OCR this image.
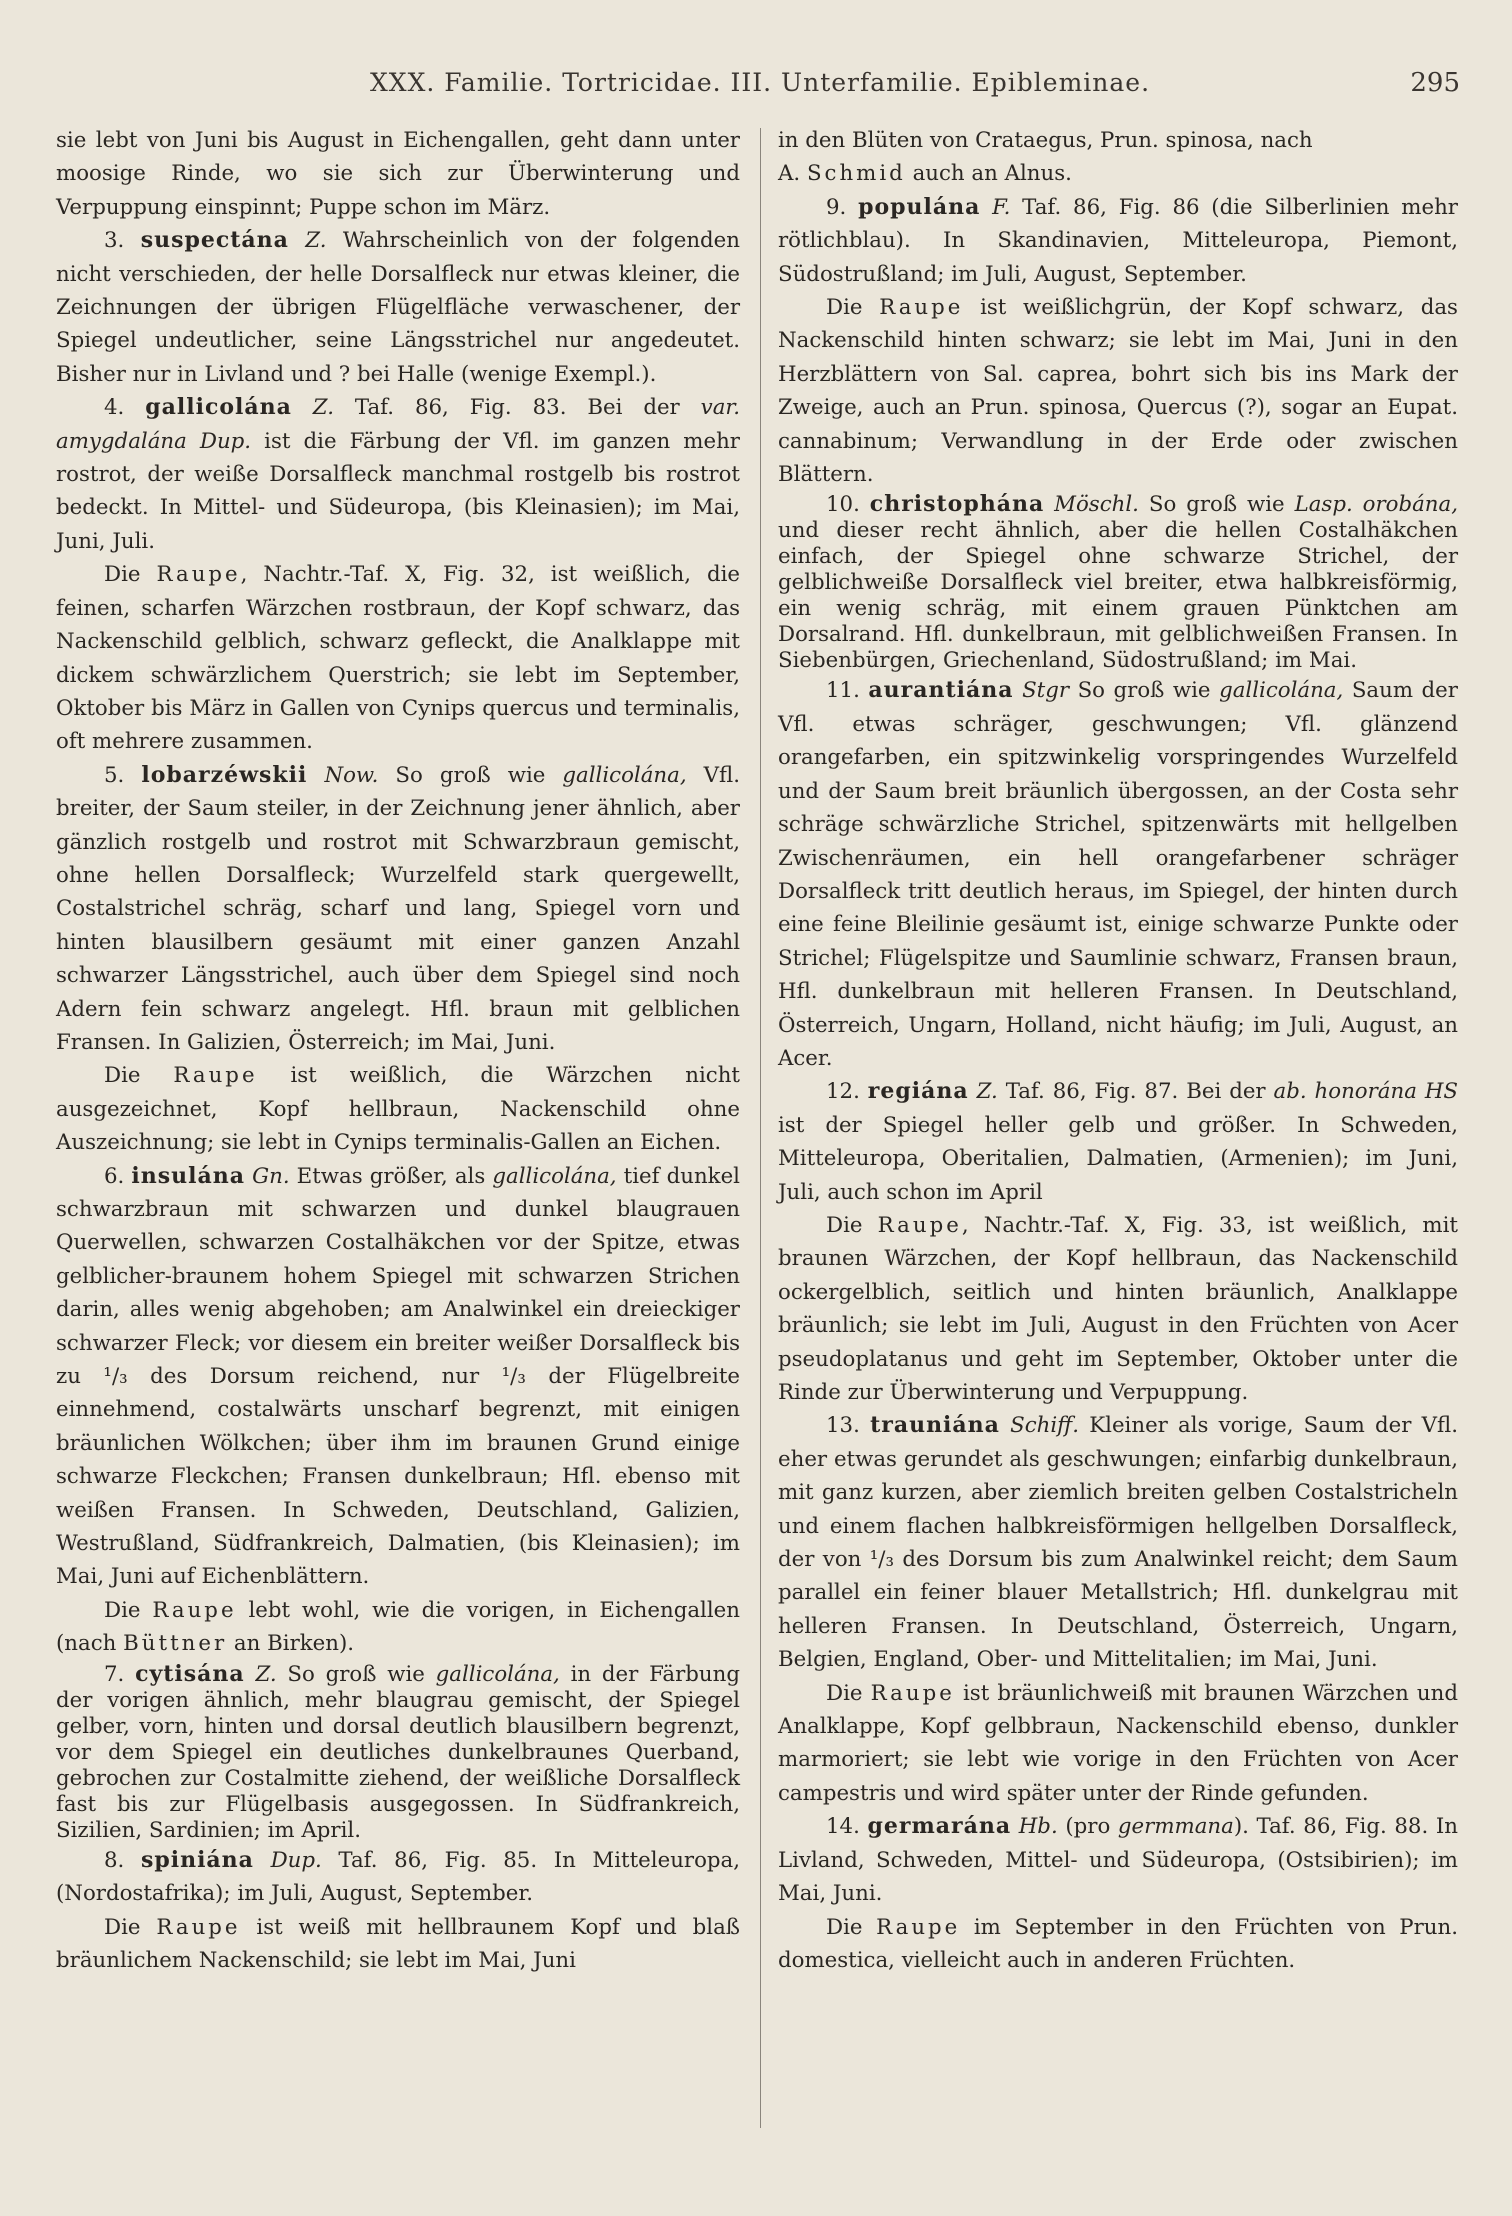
XXX. Familie. Tortricidae. III. Unterfamilie. Epibleminae.	295

sie lebt von Juni bis August in Eichengallen, geht dann unter moosige Rinde, wo sie sich zur Überwinterung und Verpuppung einspinnt; Puppe schon im März.

3. suspectána Z. Wahrscheinlich von der folgenden nicht verschieden, der helle Dorsalfleck nur etwas kleiner, die Zeichnungen der übrigen Flügelfläche verwaschener, der Spiegel undeutlicher, seine Längsstrichel nur angedeutet. Bisher nur in Livland und ? bei Halle (wenige Exempl.).

4. gallicolána Z. Taf. 86, Fig. 83. Bei der var. amygdalána Dup. ist die Färbung der Vfl. im ganzen mehr rostrot, der weiße Dorsalfleck manchmal rostgelb bis rostrot bedeckt. In Mittel- und Südeuropa, (bis Kleinasien); im Mai, Juni, Juli.

Die Raupe, Nachtr.-Taf. X, Fig. 32, ist weißlich, die feinen, scharfen Wärzchen rostbraun, der Kopf schwarz, das Nackenschild gelblich, schwarz gefleckt, die Analklappe mit dickem schwärzlichem Querstrich; sie lebt im September, Oktober bis März in Gallen von Cynips quercus und terminalis, oft mehrere zusammen.

5. lobarzéwskii Now. So groß wie gallicolána, Vfl. breiter, der Saum steiler, in der Zeichnung jener ähnlich, aber gänzlich rostgelb und rostrot mit Schwarzbraun gemischt, ohne hellen Dorsalfleck; Wurzelfeld stark quergewellt, Costalstrichel schräg, scharf und lang, Spiegel vorn und hinten blausilbern gesäumt mit einer ganzen Anzahl schwarzer Längsstrichel, auch über dem Spiegel sind noch Adern fein schwarz angelegt. Hfl. braun mit gelblichen Fransen. In Galizien, Österreich; im Mai, Juni.

Die Raupe ist weißlich, die Wärzchen nicht ausgezeichnet, Kopf hellbraun, Nackenschild ohne Auszeichnung; sie lebt in Cynips terminalis-Gallen an Eichen.

6. insulána Gn. Etwas größer, als gallicolána, tief dunkel schwarzbraun mit schwarzen und dunkel blaugrauen Querwellen, schwarzen Costalhäkchen vor der Spitze, etwas gelblicher-braunem hohem Spiegel mit schwarzen Strichen darin, alles wenig abgehoben; am Analwinkel ein dreieckiger schwarzer Fleck; vor diesem ein breiter weißer Dorsalfleck bis zu ¹/₃ des Dorsum reichend, nur ¹/₃ der Flügelbreite einnehmend, costalwärts unscharf begrenzt, mit einigen bräunlichen Wölkchen; über ihm im braunen Grund einige schwarze Fleckchen; Fransen dunkelbraun; Hfl. ebenso mit weißen Fransen. In Schweden, Deutschland, Galizien, Westrußland, Südfrankreich, Dalmatien, (bis Kleinasien); im Mai, Juni auf Eichenblättern.

Die Raupe lebt wohl, wie die vorigen, in Eichengallen (nach Büttner an Birken).

7. cytisána Z. So groß wie gallicolána, in der Färbung der vorigen ähnlich, mehr blaugrau gemischt, der Spiegel gelber, vorn, hinten und dorsal deutlich blausilbern begrenzt, vor dem Spiegel ein deutliches dunkelbraunes Querband, gebrochen zur Costalmitte ziehend, der weißliche Dorsalfleck fast bis zur Flügelbasis ausgegossen. In Südfrankreich, Sizilien, Sardinien; im April.

8. spiniána Dup. Taf. 86, Fig. 85. In Mitteleuropa, (Nordostafrika); im Juli, August, September.

Die Raupe ist weiß mit hellbraunem Kopf und blaß bräunlichem Nackenschild; sie lebt im Mai, Juni

in den Blüten von Crataegus, Prun. spinosa, nach

A. Schmid auch an Alnus.

9. populána F. Taf. 86, Fig. 86 (die Silberlinien mehr rötlichblau). In Skandinavien, Mitteleuropa, Piemont, Südostrußland; im Juli, August, September.

Die Raupe ist weißlichgrün, der Kopf schwarz, das Nackenschild hinten schwarz; sie lebt im Mai, Juni in den Herzblättern von Sal. caprea, bohrt sich bis ins Mark der Zweige, auch an Prun. spinosa, Quercus (?), sogar an Eupat. cannabinum; Verwandlung in der Erde oder zwischen Blättern.

10. christophána Möschl. So groß wie Lasp. orobána, und dieser recht ähnlich, aber die hellen Costalhäkchen einfach, der Spiegel ohne schwarze Strichel, der gelblichweiße Dorsalfleck viel breiter, etwa halbkreisförmig, ein wenig schräg, mit einem grauen Pünktchen am Dorsalrand. Hfl. dunkelbraun, mit gelblichweißen Fransen. In Siebenbürgen, Griechenland, Südostrußland; im Mai.

11. aurantiána Stgr So groß wie gallicolána, Saum der Vfl. etwas schräger, geschwungen; Vfl. glänzend orangefarben, ein spitzwinkelig vorspringendes Wurzelfeld und der Saum breit bräunlich übergossen, an der Costa sehr schräge schwärzliche Strichel, spitzenwärts mit hellgelben Zwischenräumen, ein hell orangefarbener schräger Dorsalfleck tritt deutlich heraus, im Spiegel, der hinten durch eine feine Bleilinie gesäumt ist, einige schwarze Punkte oder Strichel; Flügelspitze und Saumlinie schwarz, Fransen braun, Hfl. dunkelbraun mit helleren Fransen. In Deutschland, Österreich, Ungarn, Holland, nicht häufig; im Juli, August, an Acer.

12. regiána Z. Taf. 86, Fig. 87. Bei der ab. honorána HS ist der Spiegel heller gelb und größer. In Schweden, Mitteleuropa, Oberitalien, Dalmatien, (Armenien); im Juni, Juli, auch schon im April

Die Raupe, Nachtr.-Taf. X, Fig. 33, ist weißlich, mit braunen Wärzchen, der Kopf hellbraun, das Nackenschild ockergelblich, seitlich und hinten bräunlich, Analklappe bräunlich; sie lebt im Juli, August in den Früchten von Acer pseudoplatanus und geht im September, Oktober unter die Rinde zur Überwinterung und Verpuppung.

13. trauniána Schiff. Kleiner als vorige, Saum der Vfl. eher etwas gerundet als geschwungen; einfarbig dunkelbraun, mit ganz kurzen, aber ziemlich breiten gelben Costalstricheln und einem flachen halbkreisförmigen hellgelben Dorsalfleck, der von ¹/₃ des Dorsum bis zum Analwinkel reicht; dem Saum parallel ein feiner blauer Metallstrich; Hfl. dunkelgrau mit helleren Fransen. In Deutschland, Österreich, Ungarn, Belgien, England, Ober- und Mittelitalien; im Mai, Juni.

Die Raupe ist bräunlichweiß mit braunen Wärzchen und Analklappe, Kopf gelbbraun, Nackenschild ebenso, dunkler marmoriert; sie lebt wie vorige in den Früchten von Acer campestris und wird später unter der Rinde gefunden.

14. germarána Hb. (pro germmana). Taf. 86, Fig. 88. In Livland, Schweden, Mittel- und Südeuropa, (Ostsibirien); im Mai, Juni.

Die Raupe im September in den Früchten von Prun. domestica, vielleicht auch in anderen Früchten.
